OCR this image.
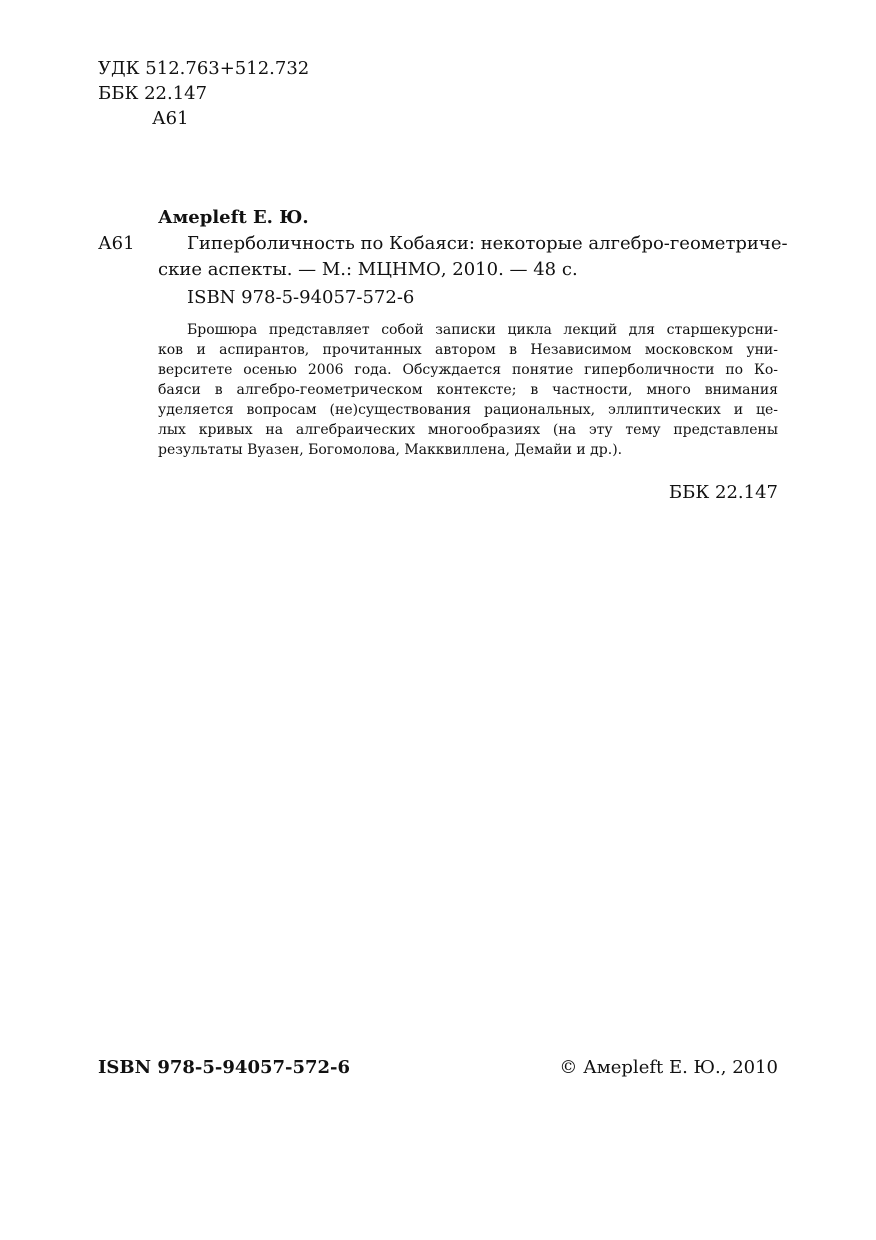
УДК 512.763+512.732
ББК 22.147
А61
Амерleft Е. Ю.
А61	Гиперболичность по Кобаяси: некоторые алгебро-геометриче-
ские аспекты. — М.: МЦНМО, 2010. — 48 с.
ISBN 978-5-94057-572-6
Брошюра представляет собой записки цикла лекций для старшекурсни-
ков и аспирантов, прочитанных автором в Независимом московском уни-
верситете осенью 2006 года. Обсуждается понятие гиперболичности по Ко-
баяси в алгебро-геометрическом контексте; в частности, много внимания
уделяется вопросам (не)существования рациональных, эллиптических и це-
лых кривых на алгебраических многообразиях (на эту тему представлены
результаты Вуазен, Богомолова, Макквиллена, Демайи и др.).
ББК 22.147
ISBN 978-5-94057-572-6	© Амерleft Е. Ю., 2010
